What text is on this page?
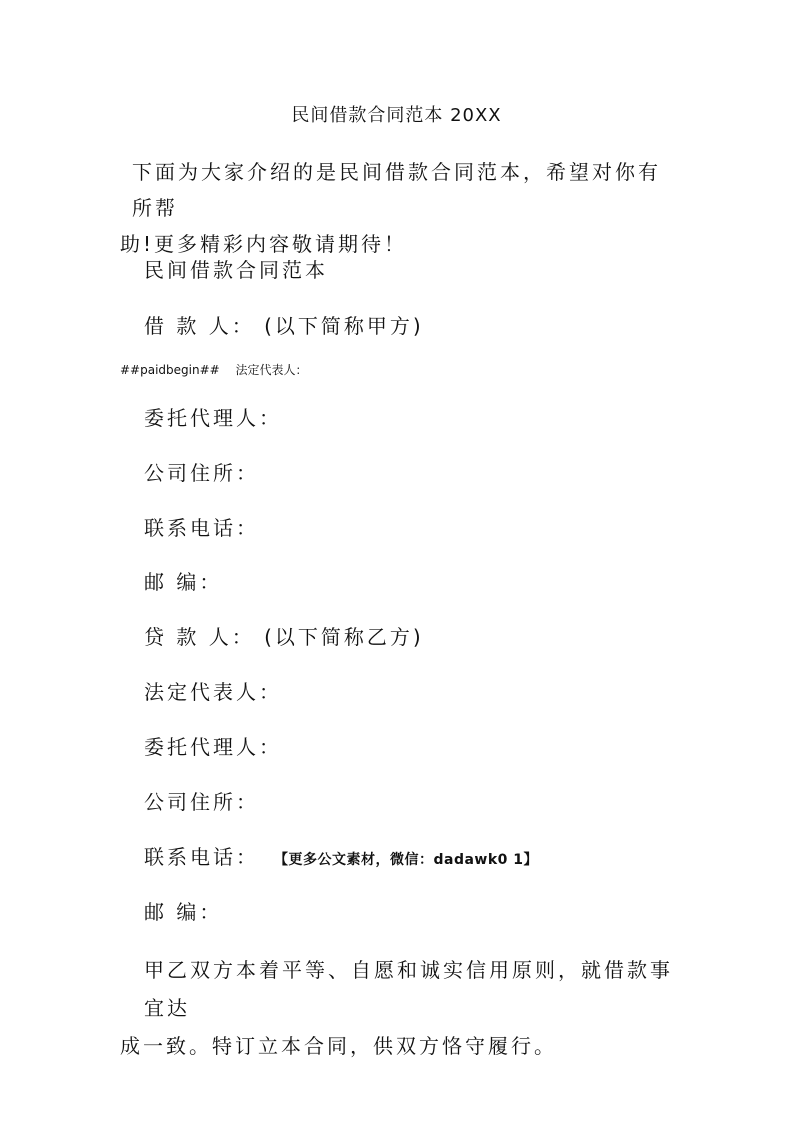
民间借款合同范本 20XX
下面为大家介绍的是民间借款合同范本，希望对你有所帮
助!更多精彩内容敬请期待！
民间借款合同范本
借 款 人： (以下简称甲方)
##paidbegin## 法定代表人：
委托代理人：
公司住所：
联系电话：
邮 编：
贷 款 人： (以下简称乙方)
法定代表人：
委托代理人：
公司住所：
联系电话： 【更多公文素材，微信：dadawk0 1】
邮 编：
甲乙双方本着平等、自愿和诚实信用原则，就借款事宜达
成一致。特订立本合同，供双方恪守履行。
